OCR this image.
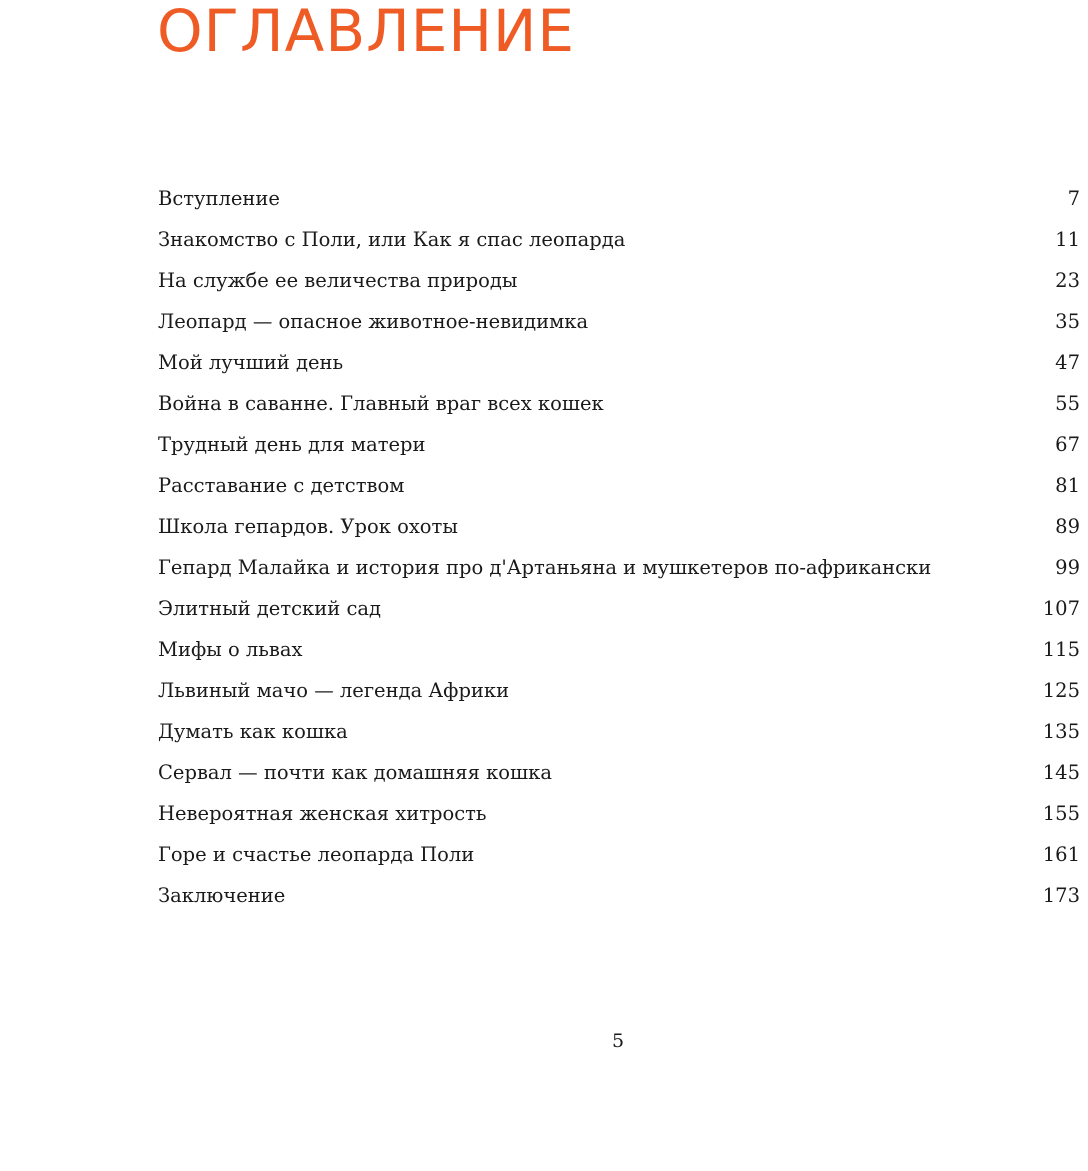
ОГЛАВЛЕНИЕ
Вступление	7
Знакомство с Поли, или Как я спас леопарда	11
На службе ее величества природы	23
Леопард — опасное животное-невидимка	35
Мой лучший день	47
Война в саванне. Главный враг всех кошек	55
Трудный день для матери	67
Расставание с детством	81
Школа гепардов. Урок охоты	89
Гепард Малайка и история про д'Артаньяна и мушкетеров по-африкански	99
Элитный детский сад	107
Мифы о львах	115
Львиный мачо — легенда Африки	125
Думать как кошка	135
Сервал — почти как домашняя кошка	145
Невероятная женская хитрость	155
Горе и счастье леопарда Поли	161
Заключение	173
5
